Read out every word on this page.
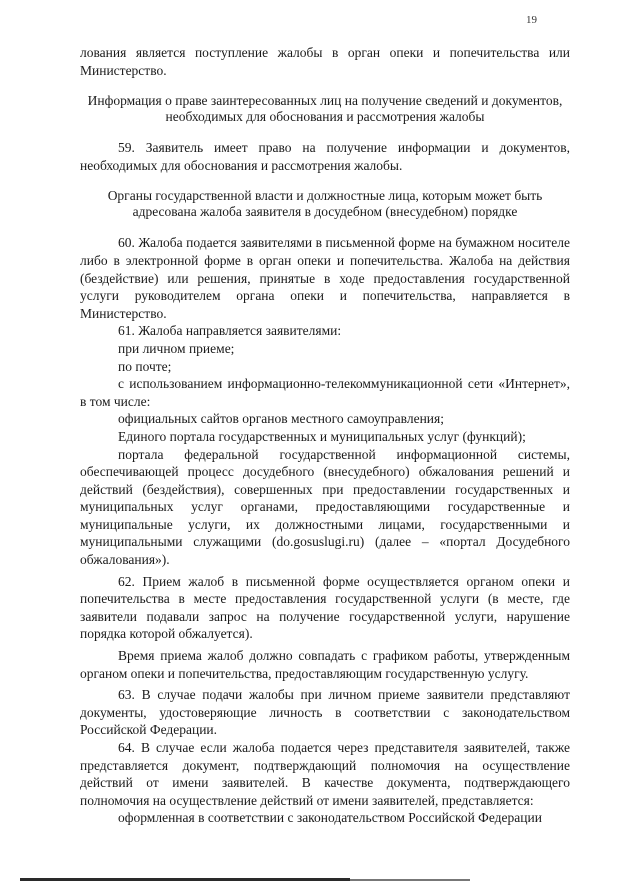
19

лования является поступление жалобы в орган опеки и попечительства или Министерство.

Информация о праве заинтересованных лиц на получение сведений и документов, необходимых для обоснования и рассмотрения жалобы

59. Заявитель имеет право на получение информации и документов, необходимых для обоснования и рассмотрения жалобы.

Органы государственной власти и должностные лица, которым может быть адресована жалоба заявителя в досудебном (внесудебном) порядке

60. Жалоба подается заявителями в письменной форме на бумажном носителе либо в электронной форме в орган опеки и попечительства. Жалоба на действия (бездействие) или решения, принятые в ходе предоставления государственной услуги руководителем органа опеки и попечительства, направляется в Министерство.

61. Жалоба направляется заявителями:

при личном приеме;

по почте;

с использованием информационно-телекоммуникационной сети «Интернет», в том числе:

официальных сайтов органов местного самоуправления;

Единого портала государственных и муниципальных услуг (функций);

портала федеральной государственной информационной системы, обеспечивающей процесс досудебного (внесудебного) обжалования решений и действий (бездействия), совершенных при предоставлении государственных и муниципальных услуг органами, предоставляющими государственные и муниципальные услуги, их должностными лицами, государственными и муниципальными служащими (do.gosuslugi.ru) (далее – «портал Досудебного обжалования»).

62. Прием жалоб в письменной форме осуществляется органом опеки и попечительства в месте предоставления государственной услуги (в месте, где заявители подавали запрос на получение государственной услуги, нарушение порядка которой обжалуется).

Время приема жалоб должно совпадать с графиком работы, утвержденным органом опеки и попечительства, предоставляющим государственную услугу.

63. В случае подачи жалобы при личном приеме заявители представляют документы, удостоверяющие личность в соответствии с законодательством Российской Федерации.

64. В случае если жалоба подается через представителя заявителей, также представляется документ, подтверждающий полномочия на осуществление действий от имени заявителей. В качестве документа, подтверждающего полномочия на осуществление действий от имени заявителей, представляется:

оформленная в соответствии с законодательством Российской Федерации
